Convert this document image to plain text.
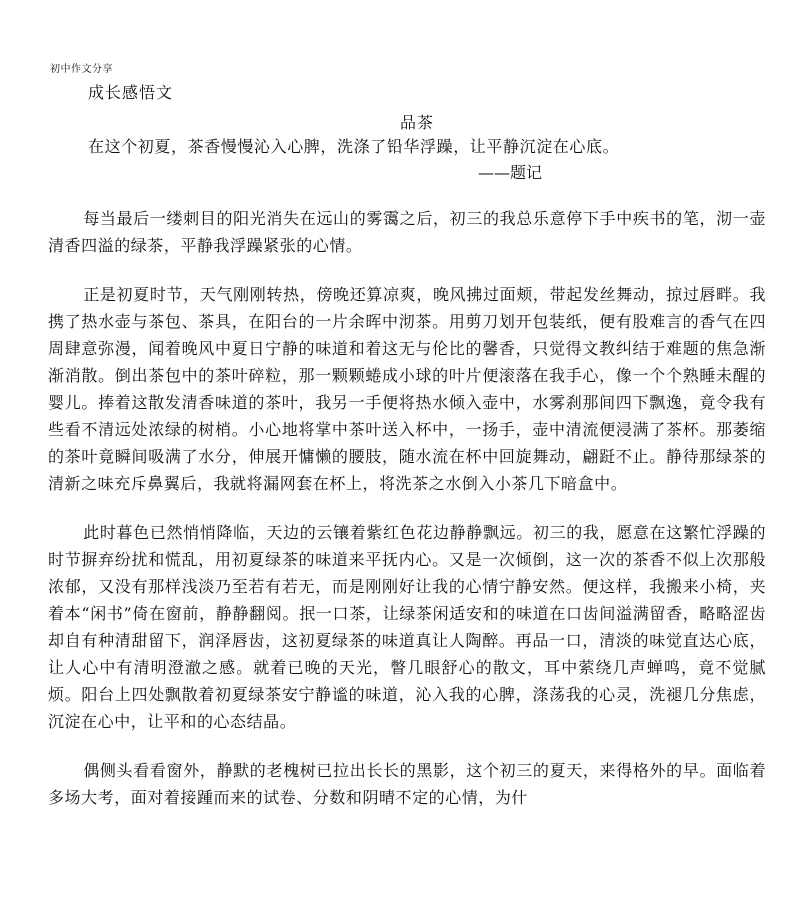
初中作文分享
成长感悟文
品茶
在这个初夏，茶香慢慢沁入心脾，洗涤了铅华浮躁，让平静沉淀在心底。
——题记

每当最后一缕刺目的阳光消失在远山的雾霭之后，初三的我总乐意停下手中疾书的笔，沏一壶清香四溢的绿茶，平静我浮躁紧张的心情。

正是初夏时节，天气刚刚转热，傍晚还算凉爽，晚风拂过面颊，带起发丝舞动，掠过唇畔。我携了热水壶与茶包、茶具，在阳台的一片余晖中沏茶。用剪刀划开包装纸，便有股难言的香气在四周肆意弥漫，闻着晚风中夏日宁静的味道和着这无与伦比的馨香，只觉得文教纠结于难题的焦急渐渐消散。倒出茶包中的茶叶碎粒，那一颗颗蜷成小球的叶片便滚落在我手心，像一个个熟睡未醒的婴儿。捧着这散发清香味道的茶叶，我另一手便将热水倾入壶中，水雾刹那间四下飘逸，竟令我有些看不清远处浓绿的树梢。小心地将掌中茶叶送入杯中，一扬手，壶中清流便浸满了茶杯。那萎缩的茶叶竟瞬间吸满了水分，伸展开慵懒的腰肢，随水流在杯中回旋舞动，翩跹不止。静待那绿茶的清新之味充斥鼻翼后，我就将漏网套在杯上，将洗茶之水倒入小茶几下暗盒中。

此时暮色已然悄悄降临，天边的云镶着紫红色花边静静飘远。初三的我，愿意在这繁忙浮躁的时节摒弃纷扰和慌乱，用初夏绿茶的味道来平抚内心。又是一次倾倒，这一次的茶香不似上次那般浓郁，又没有那样浅淡乃至若有若无，而是刚刚好让我的心情宁静安然。便这样，我搬来小椅，夹着本“闲书”倚在窗前，静静翻阅。抿一口茶，让绿茶闲适安和的味道在口齿间溢满留香，略略涩齿却自有种清甜留下，润泽唇齿，这初夏绿茶的味道真让人陶醉。再品一口，清淡的味觉直达心底，让人心中有清明澄澈之感。就着已晚的天光，瞥几眼舒心的散文，耳中萦绕几声蝉鸣，竟不觉腻烦。阳台上四处飘散着初夏绿茶安宁静谧的味道，沁入我的心脾，涤荡我的心灵，洗褪几分焦虑，沉淀在心中，让平和的心态结晶。

偶侧头看看窗外，静默的老槐树已拉出长长的黑影，这个初三的夏天，来得格外的早。面临着多场大考，面对着接踵而来的试卷、分数和阴晴不定的心情，为什
